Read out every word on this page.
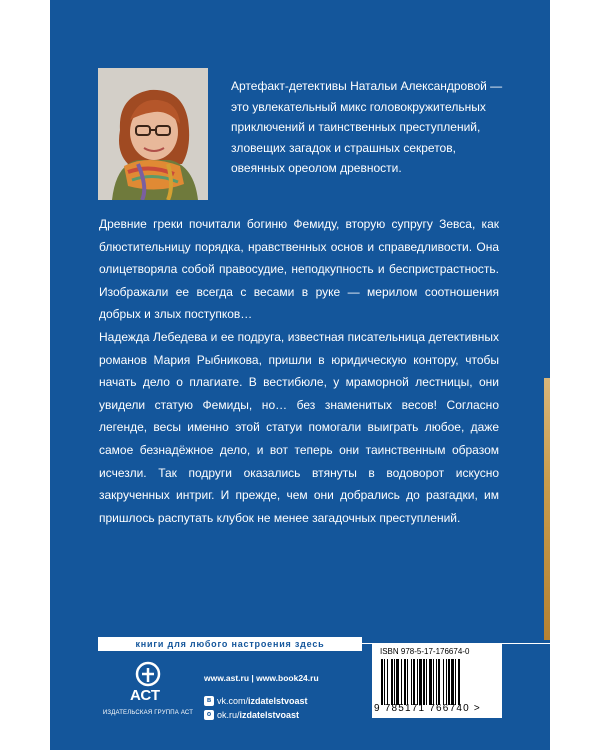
Артефакт-детективы Натальи Александровой —
это увлекательный микс головокружительных
приключений и таинственных преступлений,
зловещих загадок и страшных секретов,
овеянных ореолом древности.

Древние греки почитали богиню Фемиду, вторую супругу Зевса, как блюстительницу порядка, нравственных основ и справедливости. Она олицетворяла собой правосудие, неподкупность и беспристрастность. Изображали ее всегда с весами в руке — мерилом соотношения добрых и злых поступков…

Надежда Лебедева и ее подруга, известная писательница детективных романов Мария Рыбникова, пришли в юридическую контору, чтобы начать дело о плагиате. В вестибюле, у мраморной лестницы, они увидели статую Фемиды, но… без знаменитых весов! Согласно легенде, весы именно этой статуи помогали выиграть любое, даже самое безнадёжное дело, и вот теперь они таинственным образом исчезли. Так подруги оказались втянуты в водоворот искусно закрученных интриг. И прежде, чем они добрались до разгадки, им пришлось распутать клубок не менее загадочных преступлений.

книги для любого настроения здесь
АСТ
ИЗДАТЕЛЬСКАЯ ГРУППА АСТ
www.ast.ru | www.book24.ru
в vk.com/izdatelstvoast
о ok.ru/izdatelstvoast
ISBN 978-5-17-176674-0
9 785171 766740 >
